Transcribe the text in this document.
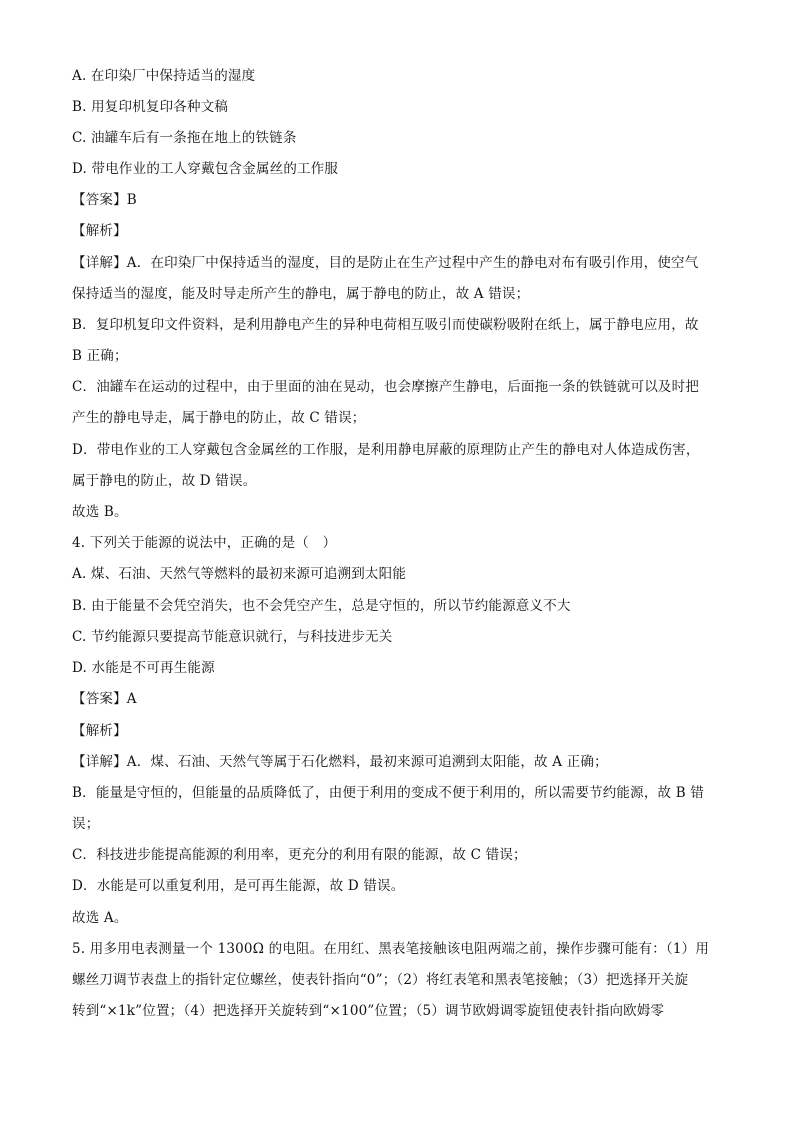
A. 在印染厂中保持适当的湿度
B. 用复印机复印各种文稿
C. 油罐车后有一条拖在地上的铁链条
D. 带电作业的工人穿戴包含金属丝的工作服
【答案】B
【解析】
【详解】A．在印染厂中保持适当的湿度，目的是防止在生产过程中产生的静电对布有吸引作用，使空气
保持适当的湿度，能及时导走所产生的静电，属于静电的防止，故 A 错误；
B．复印机复印文件资料，是利用静电产生的异种电荷相互吸引而使碳粉吸附在纸上，属于静电应用，故
B 正确；
C．油罐车在运动的过程中，由于里面的油在晃动，也会摩擦产生静电，后面拖一条的铁链就可以及时把
产生的静电导走，属于静电的防止，故 C 错误；
D．带电作业的工人穿戴包含金属丝的工作服，是利用静电屏蔽的原理防止产生的静电对人体造成伤害，
属于静电的防止，故 D 错误。
故选 B。
4. 下列关于能源的说法中，正确的是（　）
A. 煤、石油、天然气等燃料的最初来源可追溯到太阳能
B. 由于能量不会凭空消失，也不会凭空产生，总是守恒的，所以节约能源意义不大
C. 节约能源只要提高节能意识就行，与科技进步无关
D. 水能是不可再生能源
【答案】A
【解析】
【详解】A．煤、石油、天然气等属于石化燃料，最初来源可追溯到太阳能，故 A 正确；
B．能量是守恒的，但能量的品质降低了，由便于利用的变成不便于利用的，所以需要节约能源，故 B 错
误；
C．科技进步能提高能源的利用率，更充分的利用有限的能源，故 C 错误；
D．水能是可以重复利用，是可再生能源，故 D 错误。
故选 A。
5. 用多用电表测量一个 1300Ω 的电阻。在用红、黑表笔接触该电阻两端之前，操作步骤可能有：（1）用
螺丝刀调节表盘上的指针定位螺丝，使表针指向“0”；（2）将红表笔和黑表笔接触；（3）把选择开关旋
转到“×1k”位置；（4）把选择开关旋转到“×100”位置；（5）调节欧姆调零旋钮使表针指向欧姆零
